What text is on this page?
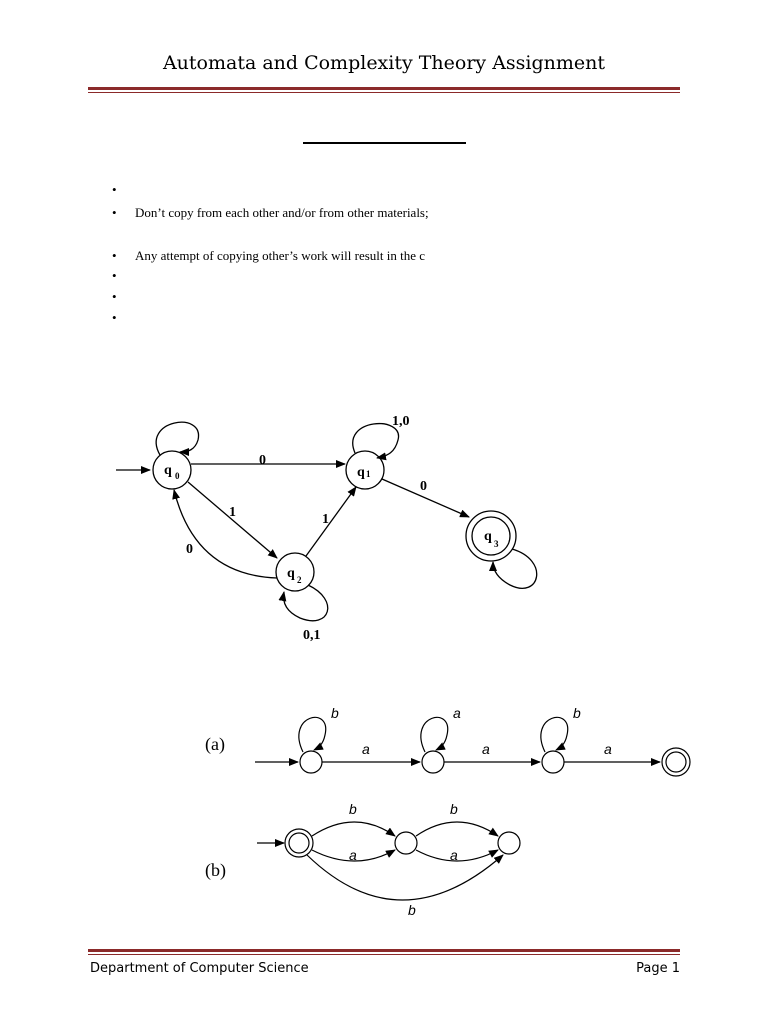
Automata and Complexity Theory Assignment
•
• Don’t copy from each other and/or from other materials;
• Any attempt of copying other’s work will result in the c
•
•
•
q 0	q 1
q 2
q 3
0
1
0
1
0
1,0
0,1
(a)
b	a	b
a	a	a
(b)
b	b
a	a
b
Department of Computer Science	Page 1
